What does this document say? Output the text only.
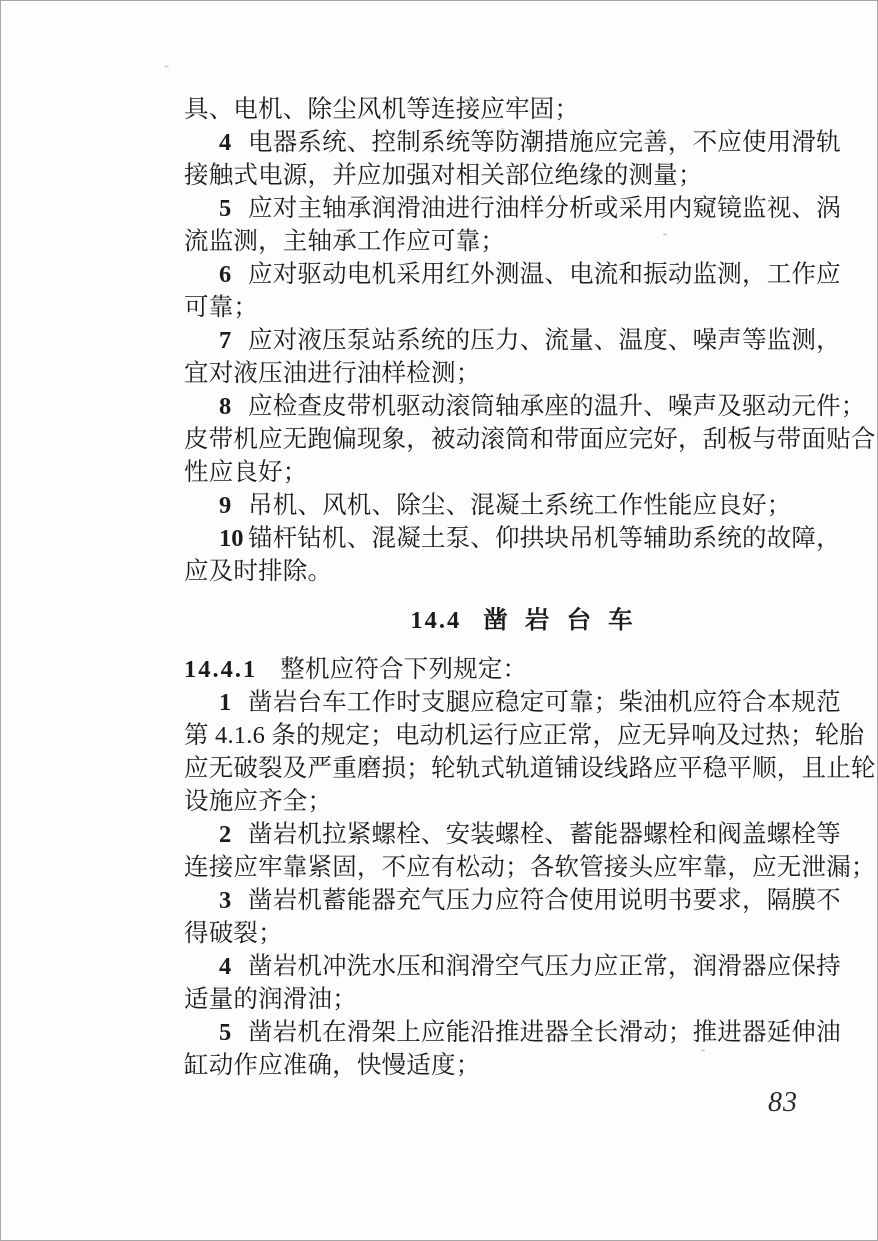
具、电机、除尘风机等连接应牢固；
4 电器系统、控制系统等防潮措施应完善，不应使用滑轨
接触式电源，并应加强对相关部位绝缘的测量；
5 应对主轴承润滑油进行油样分析或采用内窥镜监视、涡
流监测，主轴承工作应可靠；
6 应对驱动电机采用红外测温、电流和振动监测，工作应
可靠；
7 应对液压泵站系统的压力、流量、温度、噪声等监测，
宜对液压油进行油样检测；
8 应检查皮带机驱动滚筒轴承座的温升、噪声及驱动元件；
皮带机应无跑偏现象，被动滚筒和带面应完好，刮板与带面贴合
性应良好；
9 吊机、风机、除尘、混凝土系统工作性能应良好；
10 锚杆钻机、混凝土泵、仰拱块吊机等辅助系统的故障，
应及时排除。
14.4 凿 岩 台 车
14.4.1 整机应符合下列规定：
1 凿岩台车工作时支腿应稳定可靠；柴油机应符合本规范
第 4.1.6 条的规定；电动机运行应正常，应无异响及过热；轮胎
应无破裂及严重磨损；轮轨式轨道铺设线路应平稳平顺，且止轮
设施应齐全；
2 凿岩机拉紧螺栓、安装螺栓、蓄能器螺栓和阀盖螺栓等
连接应牢靠紧固，不应有松动；各软管接头应牢靠，应无泄漏；
3 凿岩机蓄能器充气压力应符合使用说明书要求，隔膜不
得破裂；
4 凿岩机冲洗水压和润滑空气压力应正常，润滑器应保持
适量的润滑油；
5 凿岩机在滑架上应能沿推进器全长滑动；推进器延伸油
缸动作应准确，快慢适度；
83
